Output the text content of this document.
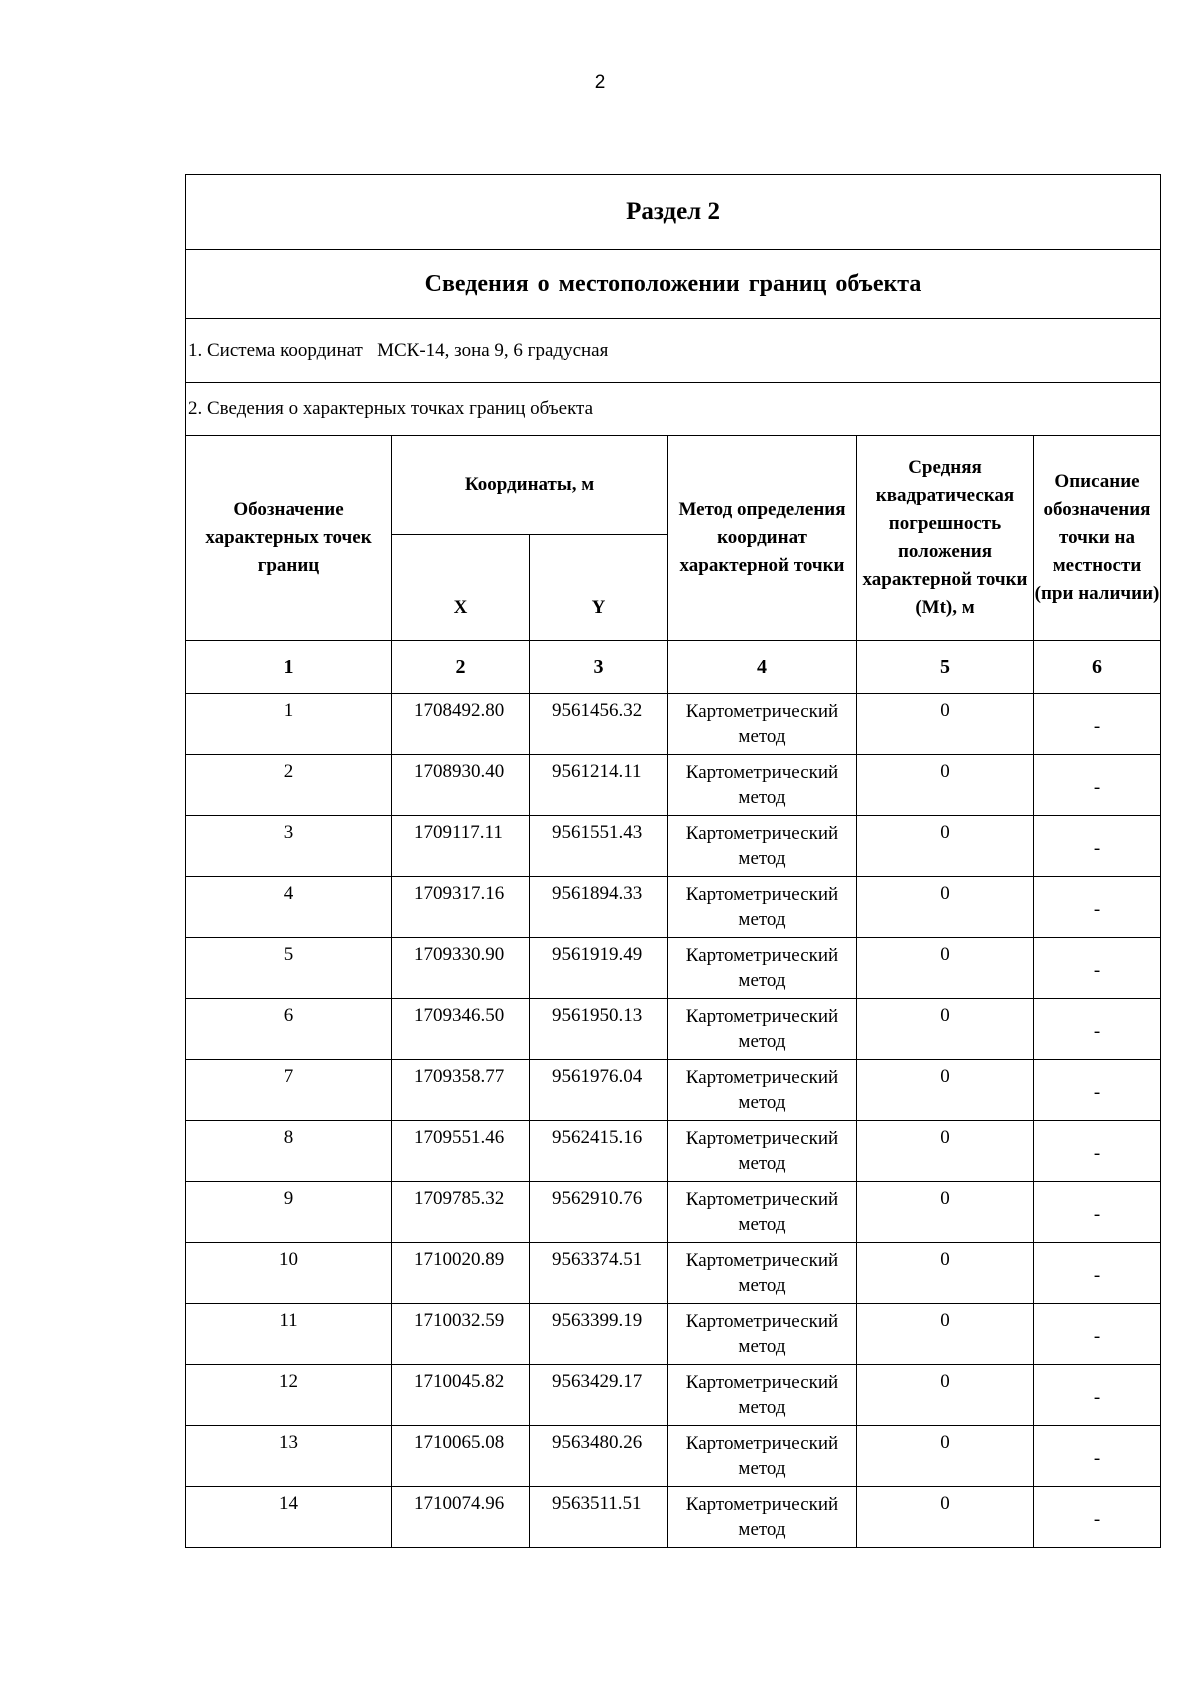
2
Раздел 2					
Сведения о местоположении границ объекта					
1. Система координат МСК-14, зона 9, 6 градусная					
2. Сведения о характерных точках границ объекта					
Обозначение характерных точек границ	Координаты, м		Метод определения координат характерной точки	Средняя квадратическая погрешность положения характерной точки (Mt), м	Описание обозначения точки на местности (при наличии)
	X	Y			
1	2	3	4	5	6

1	1708492.80	9561456.32	Картометрический метод	0	-

2	1708930.40	9561214.11	Картометрический метод	0	-

3	1709117.11	9561551.43	Картометрический метод	0	-

4	1709317.16	9561894.33	Картометрический метод	0	-

5	1709330.90	9561919.49	Картометрический метод	0	-

6	1709346.50	9561950.13	Картометрический метод	0	-

7	1709358.77	9561976.04	Картометрический метод	0	-

8	1709551.46	9562415.16	Картометрический метод	0	-

9	1709785.32	9562910.76	Картометрический метод	0	-

10	1710020.89	9563374.51	Картометрический метод	0	-

11	1710032.59	9563399.19	Картометрический метод	0	-

12	1710045.82	9563429.17	Картометрический метод	0	-

13	1710065.08	9563480.26	Картометрический метод	0	-

14	1710074.96	9563511.51	Картометрический метод	0	-
